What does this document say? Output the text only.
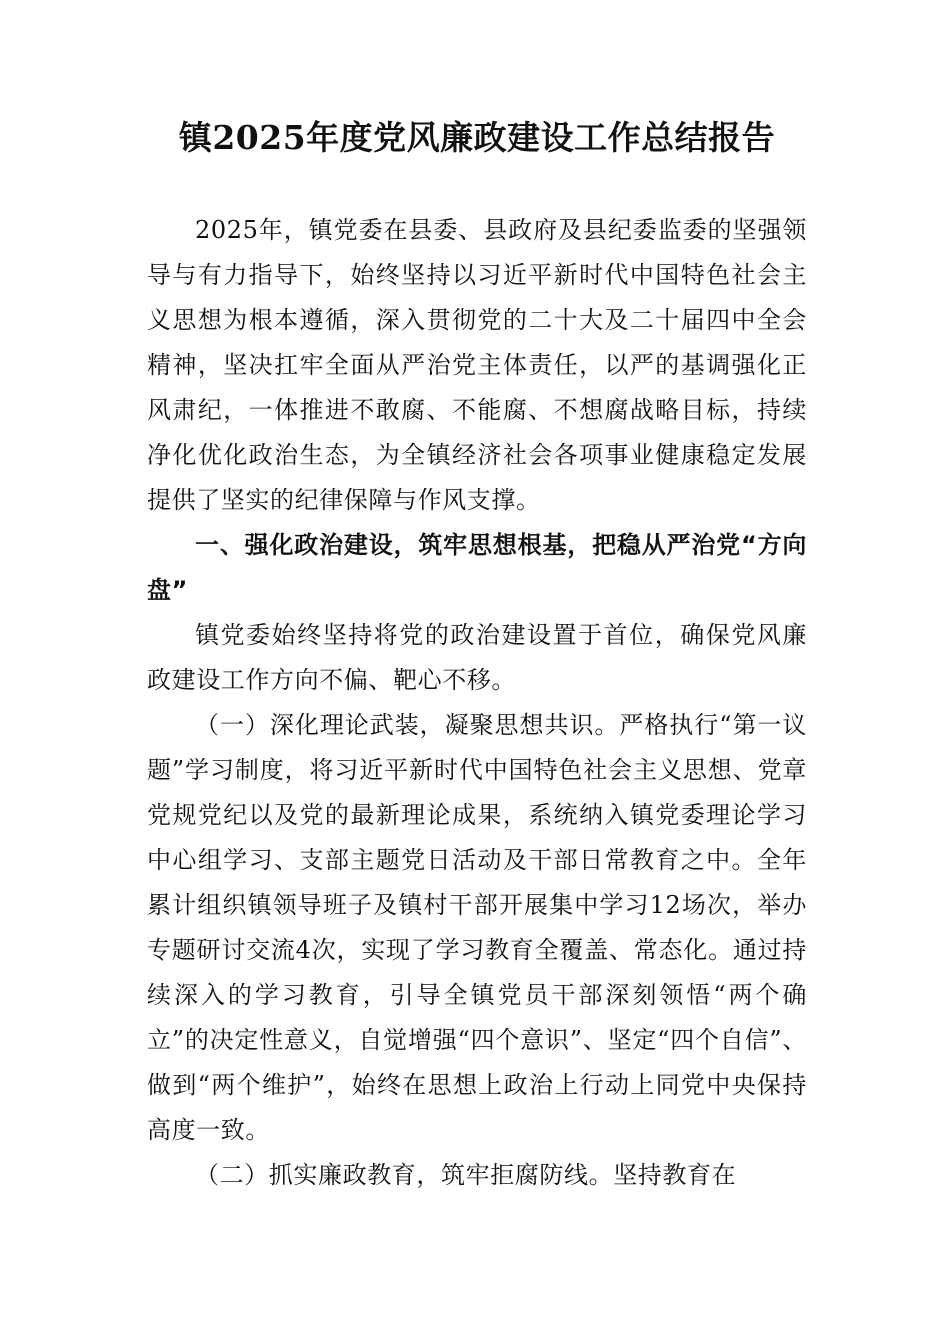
镇2025年度党风廉政建设工作总结报告

2025年，镇党委在县委、县政府及县纪委监委的坚强领导与有力指导下，始终坚持以习近平新时代中国特色社会主义思想为根本遵循，深入贯彻党的二十大及二十届四中全会精神，坚决扛牢全面从严治党主体责任，以严的基调强化正风肃纪，一体推进不敢腐、不能腐、不想腐战略目标，持续净化优化政治生态，为全镇经济社会各项事业健康稳定发展提供了坚实的纪律保障与作风支撑。

一、强化政治建设，筑牢思想根基，把稳从严治党“方向盘”

镇党委始终坚持将党的政治建设置于首位，确保党风廉政建设工作方向不偏、靶心不移。

（一）深化理论武装，凝聚思想共识。严格执行“第一议题”学习制度，将习近平新时代中国特色社会主义思想、党章党规党纪以及党的最新理论成果，系统纳入镇党委理论学习中心组学习、支部主题党日活动及干部日常教育之中。全年累计组织镇领导班子及镇村干部开展集中学习12场次，举办专题研讨交流4次，实现了学习教育全覆盖、常态化。通过持续深入的学习教育，引导全镇党员干部深刻领悟“两个确立”的决定性意义，自觉增强“四个意识”、坚定“四个自信”、做到“两个维护”，始终在思想上政治上行动上同党中央保持高度一致。

（二）抓实廉政教育，筑牢拒腐防线。坚持教育在
